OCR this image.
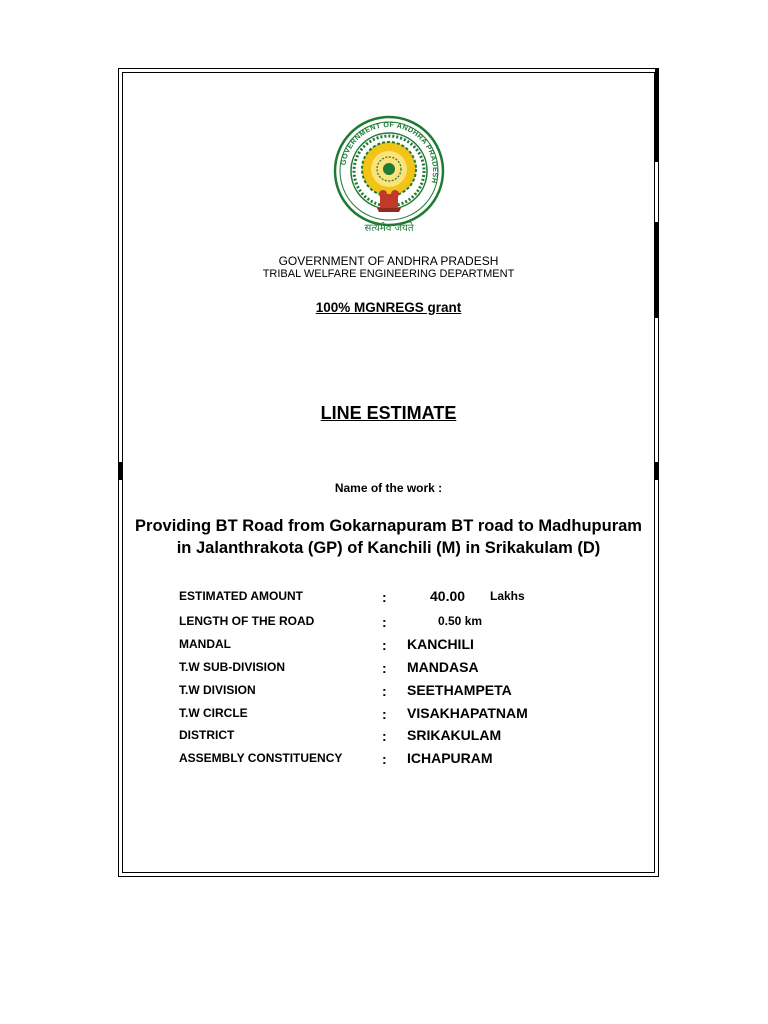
GOVERNMENT OF ANDHRA PRADESH
सत्यमेव जयते
GOVERNMENT OF ANDHRA PRADESH
TRIBAL WELFARE ENGINEERING DEPARTMENT
100% MGNREGS grant
LINE ESTIMATE
Name of the work :
Providing BT Road from Gokarnapuram BT road to Madhupuram
in Jalanthrakota (GP) of Kanchili (M) in Srikakulam (D)
ESTIMATED AMOUNT	:	40.00 Lakhs
LENGTH OF THE ROAD	:	0.50 km
MANDAL	: KANCHILI
T.W SUB-DIVISION	: MANDASA
T.W DIVISION	: SEETHAMPETA
T.W CIRCLE	: VISAKHAPATNAM
DISTRICT	: SRIKAKULAM
ASSEMBLY CONSTITUENCY	: ICHAPURAM
